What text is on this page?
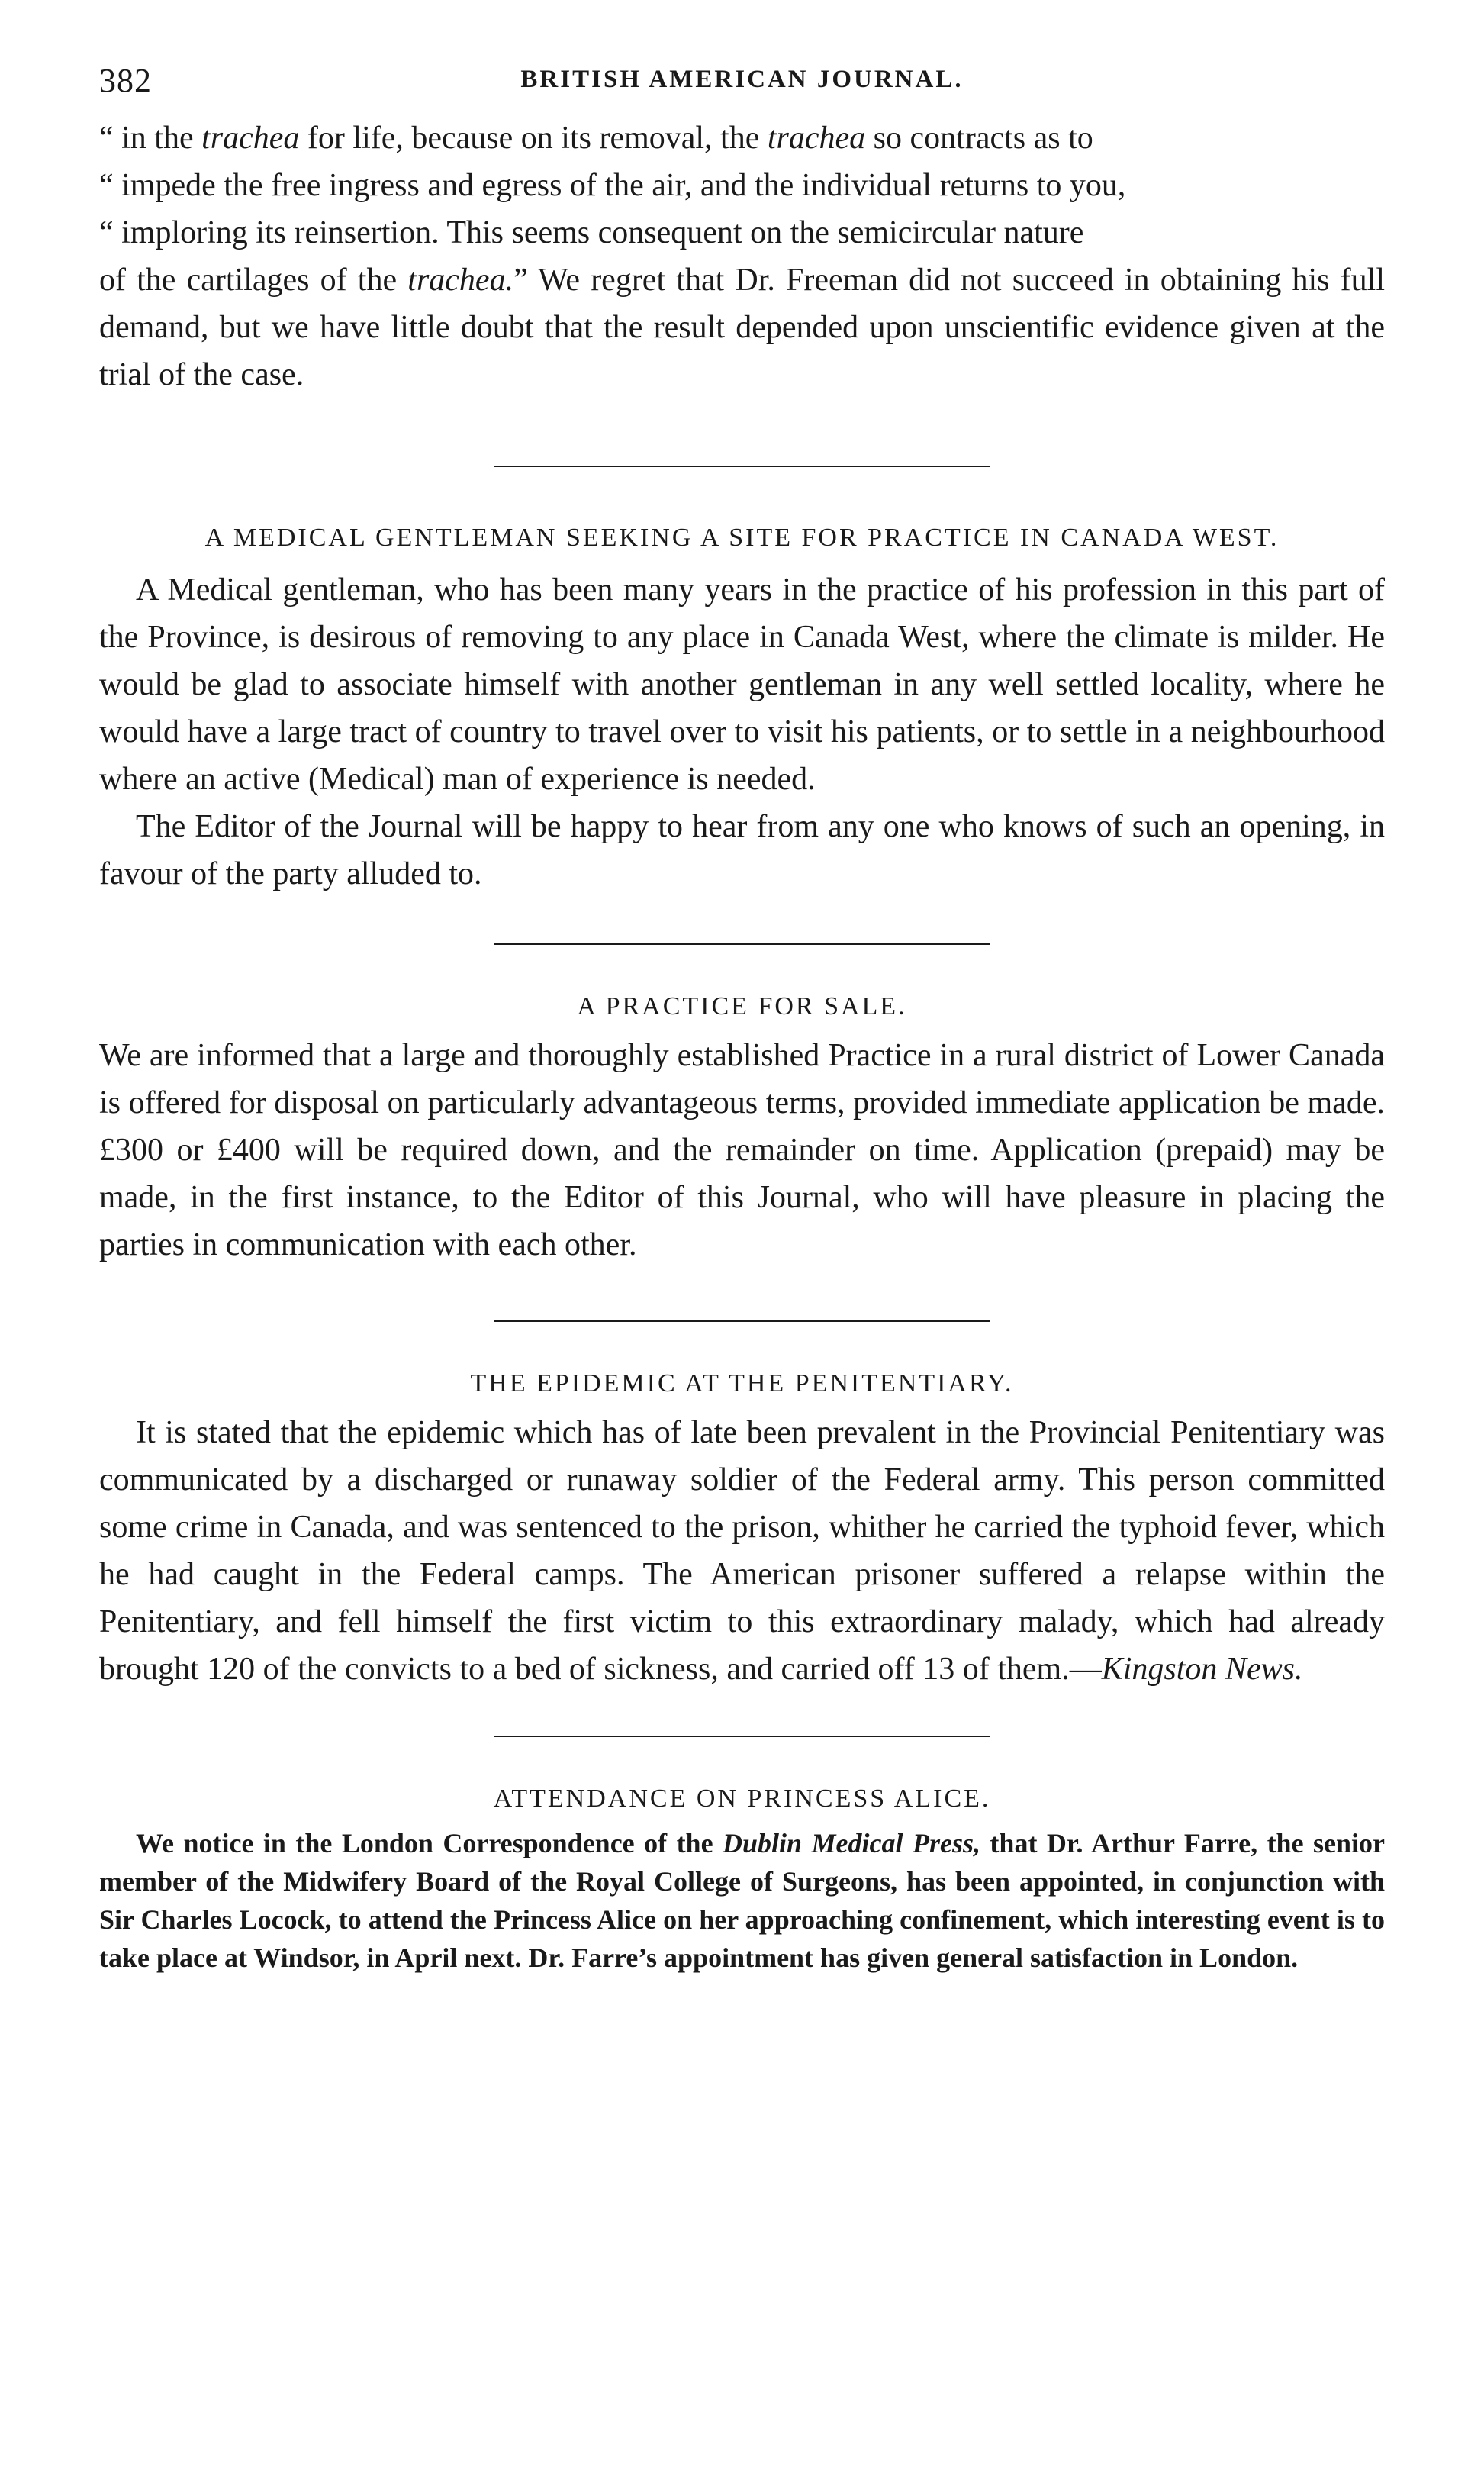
382	BRITISH AMERICAN JOURNAL.

“ in the trachea for life, because on its removal, the trachea so contracts as to
“ impede the free ingress and egress of the air, and the individual returns to you,
“ imploring its reinsertion. This seems consequent on the semicircular nature
of the cartilages of the trachea.” We regret that Dr. Freeman did not succeed in obtaining his full demand, but we have little doubt that the result depended upon unscientific evidence given at the trial of the case.

A MEDICAL GENTLEMAN SEEKING A SITE FOR PRACTICE IN CANADA WEST.

A Medical gentleman, who has been many years in the practice of his profession in this part of the Province, is desirous of removing to any place in Canada West, where the climate is milder. He would be glad to associate himself with another gentleman in any well settled locality, where he would have a large tract of country to travel over to visit his patients, or to settle in a neighbourhood where an active (Medical) man of experience is needed.

The Editor of the Journal will be happy to hear from any one who knows of such an opening, in favour of the party alluded to.

A PRACTICE FOR SALE.

We are informed that a large and thoroughly established Practice in a rural district of Lower Canada is offered for disposal on particularly advantageous terms, provided immediate application be made. £300 or £400 will be required down, and the remainder on time. Application (prepaid) may be made, in the first instance, to the Editor of this Journal, who will have pleasure in placing the parties in communication with each other.

THE EPIDEMIC AT THE PENITENTIARY.

It is stated that the epidemic which has of late been prevalent in the Provincial Penitentiary was communicated by a discharged or runaway soldier of the Federal army. This person committed some crime in Canada, and was sentenced to the prison, whither he carried the typhoid fever, which he had caught in the Federal camps. The American prisoner suffered a relapse within the Penitentiary, and fell himself the first victim to this extraordinary malady, which had already brought 120 of the convicts to a bed of sickness, and carried off 13 of them.—Kingston News.

ATTENDANCE ON PRINCESS ALICE.

We notice in the London Correspondence of the Dublin Medical Press, that Dr. Arthur Farre, the senior member of the Midwifery Board of the Royal College of Surgeons, has been appointed, in conjunction with Sir Charles Locock, to attend the Princess Alice on her approaching confinement, which interesting event is to take place at Windsor, in April next. Dr. Farre’s appointment has given general satisfaction in London.
